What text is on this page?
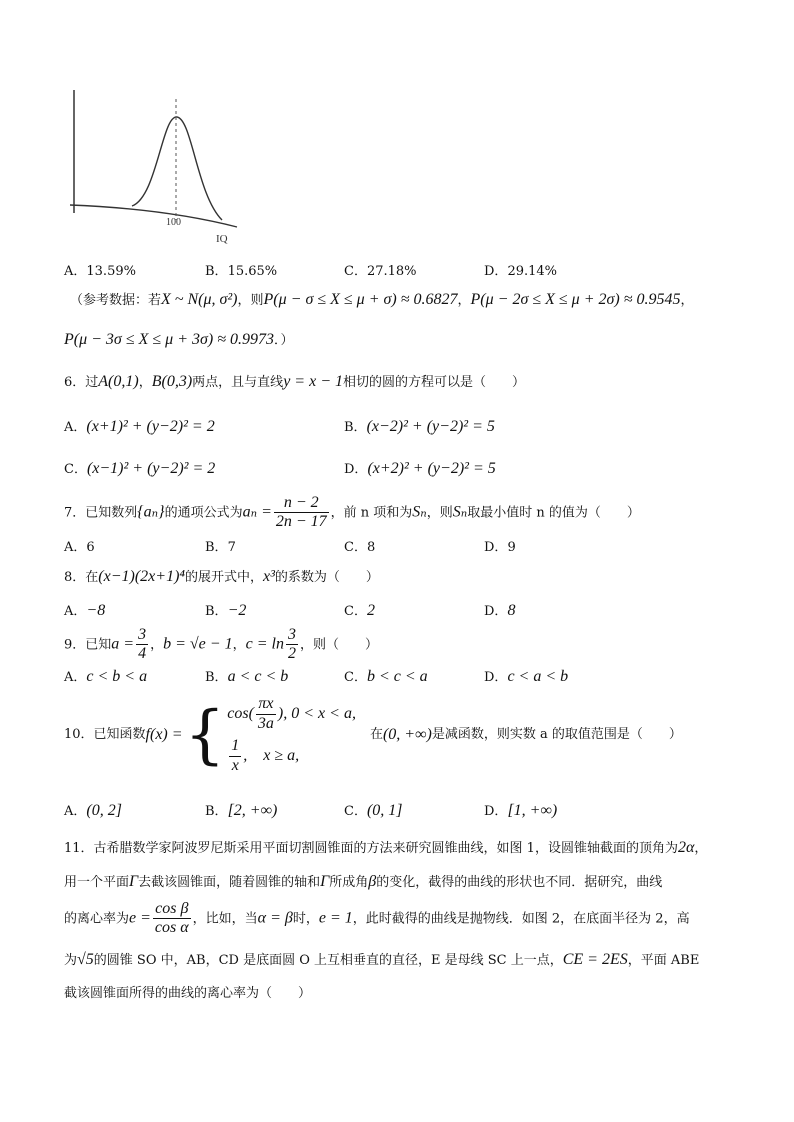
100
IQ
A．13.59%	B．15.65%	C．27.18%	D．29.14%
（参考数据：若X ~ N(μ, σ²)，则P(μ − σ ≤ X ≤ μ + σ) ≈ 0.6827，P(μ − 2σ ≤ X ≤ μ + 2σ) ≈ 0.9545，
P(μ − 3σ ≤ X ≤ μ + 3σ) ≈ 0.9973．）
6．过A(0,1)，B(0,3)两点，且与直线y = x − 1相切的圆的方程可以是（　　）
A．(x+1)² + (y−2)² = 2	B．(x−2)² + (y−2)² = 5
C．(x−1)² + (y−2)² = 2	D．(x+2)² + (y−2)² = 5
7．已知数列{aₙ}的通项公式为$a_n = \frac{n - 2}{2n - 17}$ ，前 n 项和为Sₙ，则Sₙ取最小值时 n 的值为（　　）
A．6	B．7	C．8	D．9
8．在(x−1)(2x+1)⁴的展开式中，x³的系数为（　　）
A．−8	B．−2	C．2	D．8
9．已知$a = \frac{3}{4}$ ，b = √e − 1，$c = \ln \frac{3}{2}$ ，则（　　）
A．c < b < a	B．a < c < b	C．b < c < a	D．c < a < b
10．已知函数 f(x) = { $\cos( \frac{\pi x}{3a}$ ), 0 < x < a,
$\frac{1}{x}$ ,　x ≥ a,
在 (0, +∞) 是减函数，则实数 a 的取值范围是（　　）
A．(0, 2]	B．[2, +∞)	C．(0, 1]	D．[1, +∞)
11．古希腊数学家阿波罗尼斯采用平面切割圆锥面的方法来研究圆锥曲线，如图 1，设圆锥轴截面的顶角为2α，
用一个平面Γ去截该圆锥面，随着圆锥的轴和Γ所成角β的变化，截得的曲线的形状也不同．据研究，曲线
的离心率为$e = \frac{\text{cos β}}{\text{cos α}}$ ，比如，当α = β时，e = 1，此时截得的曲线是抛物线．如图 2，在底面半径为 2，高
为√5的圆锥 SO 中，AB，CD 是底面圆 O 上互相垂直的直径，E 是母线 SC 上一点，CE = 2ES，平面 ABE
截该圆锥面所得的曲线的离心率为（　　）
